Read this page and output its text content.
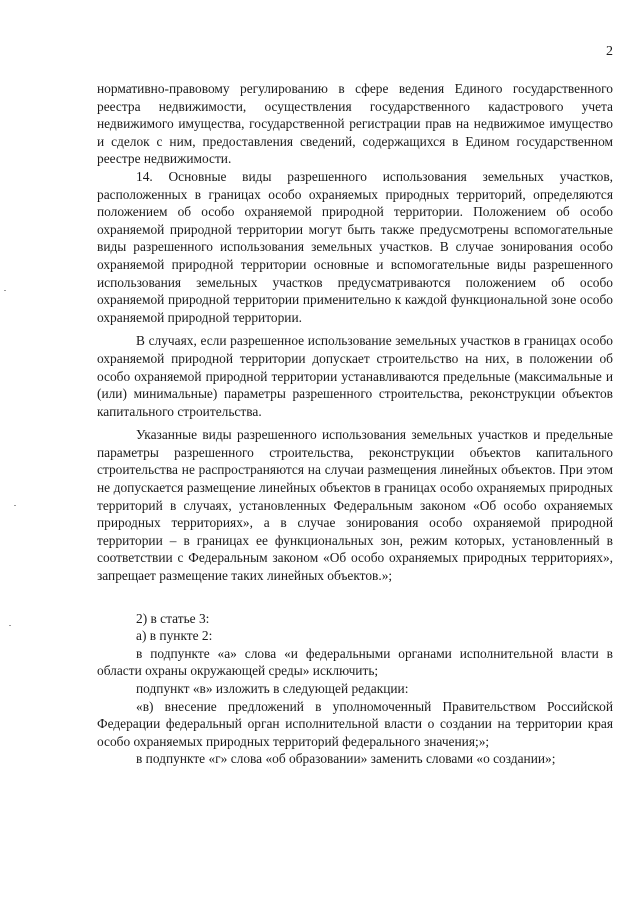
2

нормативно-правовому регулированию в сфере ведения Единого государственного реестра недвижимости, осуществления государственного кадастрового учета недвижимого имущества, государственной регистрации прав на недвижимое имущество и сделок с ним, предоставления сведений, содержащихся в Едином государственном реестре недвижимости.

14. Основные виды разрешенного использования земельных участков, расположенных в границах особо охраняемых природных территорий, определяются положением об особо охраняемой природной территории. Положением об особо охраняемой природной территории могут быть также предусмотрены вспомогательные виды разрешенного использования земельных участков. В случае зонирования особо охраняемой природной территории основные и вспомогательные виды разрешенного использования земельных участков предусматриваются положением об особо охраняемой природной территории применительно к каждой функциональной зоне особо охраняемой природной территории.

В случаях, если разрешенное использование земельных участков в границах особо охраняемой природной территории допускает строительство на них, в положении об особо охраняемой природной территории устанавливаются предельные (максимальные и (или) минимальные) параметры разрешенного строительства, реконструкции объектов капитального строительства.

Указанные виды разрешенного использования земельных участков и предельные параметры разрешенного строительства, реконструкции объектов капитального строительства не распространяются на случаи размещения линейных объектов. При этом не допускается размещение линейных объектов в границах особо охраняемых природных территорий в случаях, установленных Федеральным законом «Об особо охраняемых природных территориях», а в случае зонирования особо охраняемой природной территории – в границах ее функциональных зон, режим которых, установленный в соответствии с Федеральным законом «Об особо охраняемых природных территориях», запрещает размещение таких линейных объектов.»;

2) в статье 3:

а) в пункте 2:

в подпункте «а» слова «и федеральными органами исполнительной власти в области охраны окружающей среды» исключить;

подпункт «в» изложить в следующей редакции:

«в) внесение предложений в уполномоченный Правительством Российской Федерации федеральный орган исполнительной власти о создании на территории края особо охраняемых природных территорий федерального значения;»;

в подпункте «г» слова «об образовании» заменить словами «о создании»;
